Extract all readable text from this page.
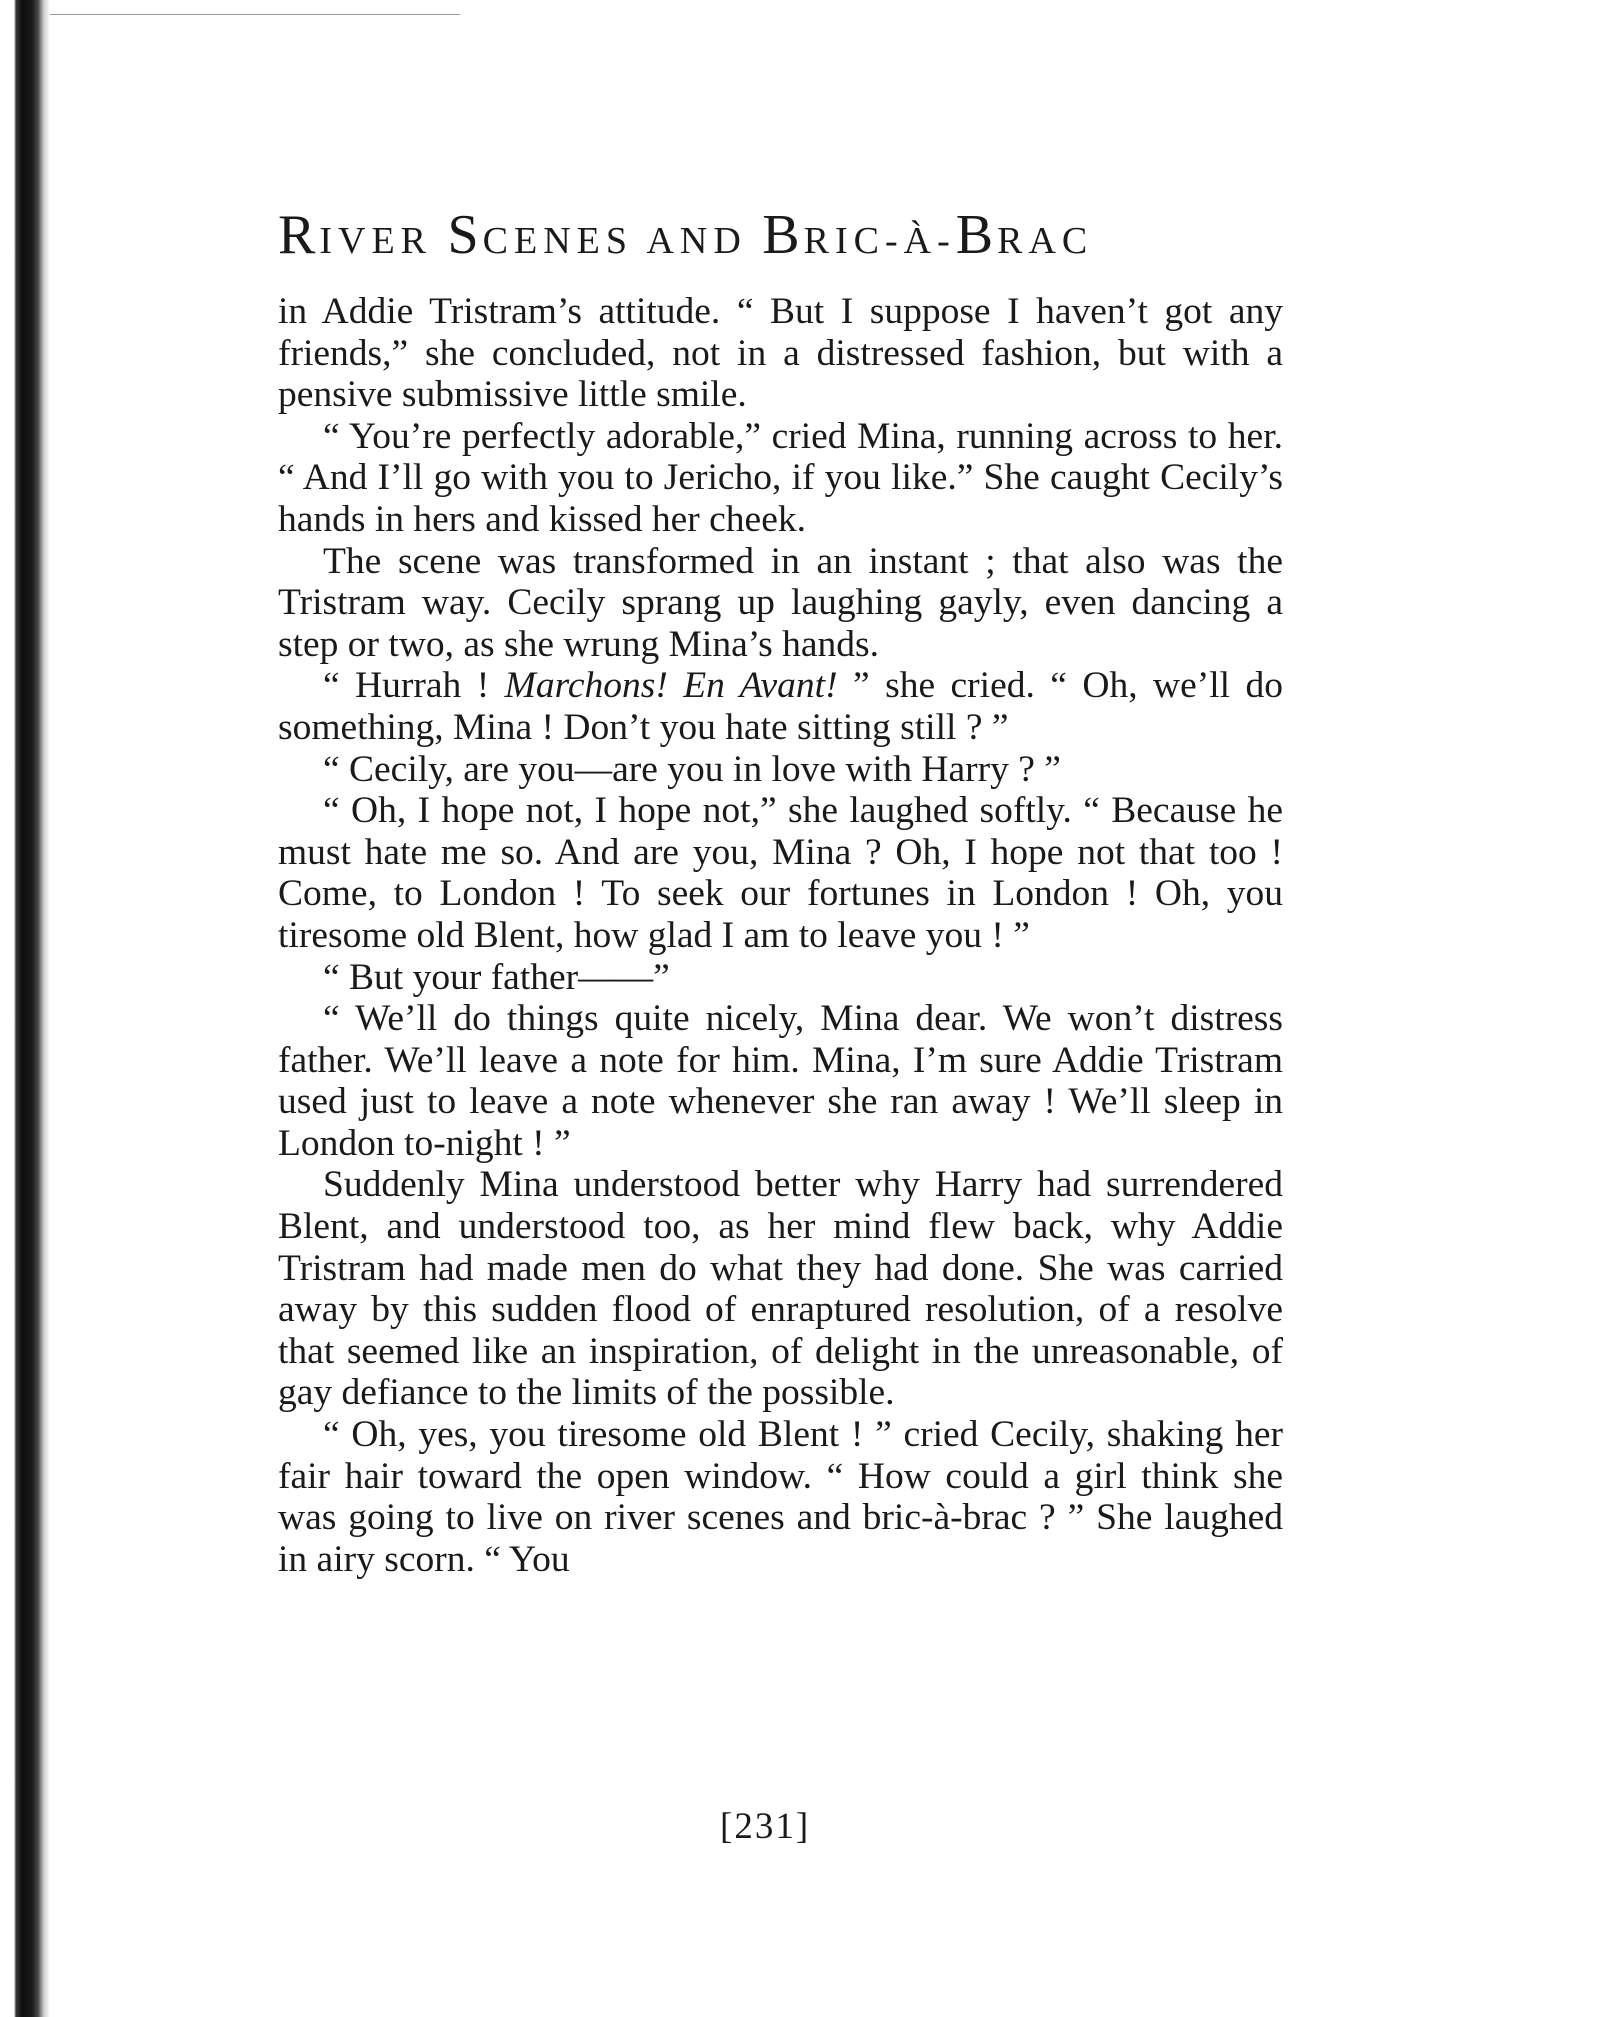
RIVER SCENES AND BRIC-À-BRAC

in Addie Tristram’s attitude. “ But I suppose I haven’t got any friends,” she concluded, not in a distressed fashion, but with a pensive submissive little smile.

“ You’re perfectly adorable,” cried Mina, running across to her. “ And I’ll go with you to Jericho, if you like.” She caught Cecily’s hands in hers and kissed her cheek.

The scene was transformed in an instant ; that also was the Tristram way. Cecily sprang up laughing gayly, even dancing a step or two, as she wrung Mina’s hands.

“ Hurrah ! Marchons! En Avant! ” she cried. “ Oh, we’ll do something, Mina ! Don’t you hate sitting still ? ”

“ Cecily, are you—are you in love with Harry ? ”

“ Oh, I hope not, I hope not,” she laughed softly. “ Because he must hate me so. And are you, Mina ? Oh, I hope not that too ! Come, to London ! To seek our fortunes in London ! Oh, you tiresome old Blent, how glad I am to leave you ! ”

“ But your father——”

“ We’ll do things quite nicely, Mina dear. We won’t distress father. We’ll leave a note for him. Mina, I’m sure Addie Tristram used just to leave a note whenever she ran away ! We’ll sleep in London to-night ! ”

Suddenly Mina understood better why Harry had surrendered Blent, and understood too, as her mind flew back, why Addie Tristram had made men do what they had done. She was carried away by this sudden flood of enraptured resolution, of a resolve that seemed like an inspiration, of delight in the unreasonable, of gay defiance to the limits of the possible.

“ Oh, yes, you tiresome old Blent ! ” cried Cecily, shaking her fair hair toward the open window. “ How could a girl think she was going to live on river scenes and bric-à-brac ? ” She laughed in airy scorn. “ You

[231]
